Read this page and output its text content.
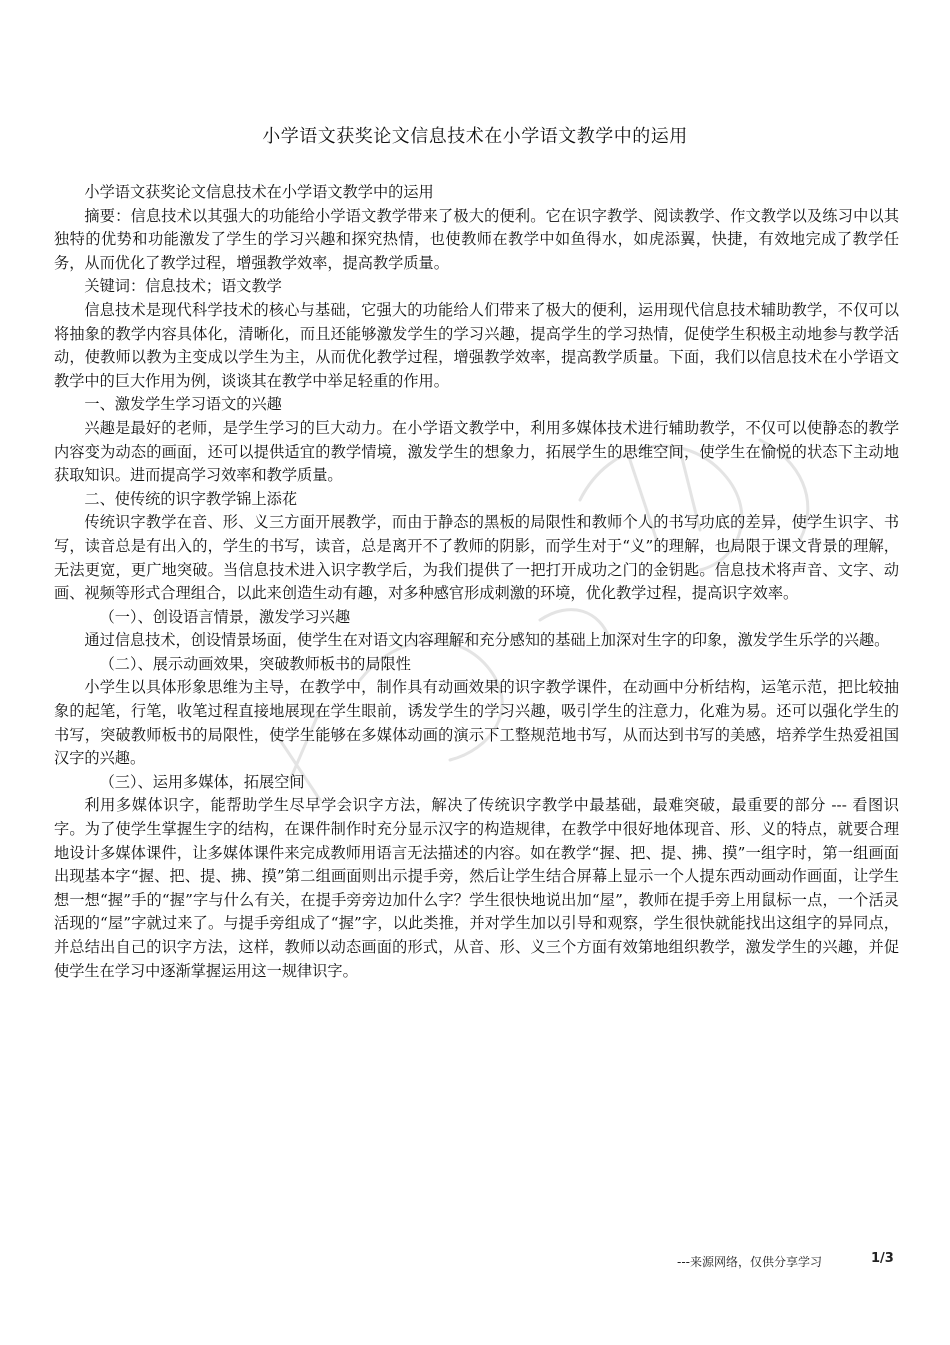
小学语文获奖论文信息技术在小学语文教学中的运用

小学语文获奖论文信息技术在小学语文教学中的运用

摘要：信息技术以其强大的功能给小学语文教学带来了极大的便利。它在识字教学、阅读教学、作文教学以及练习中以其独特的优势和功能激发了学生的学习兴趣和探究热情，也使教师在教学中如鱼得水，如虎添翼，快捷，有效地完成了教学任务，从而优化了教学过程，增强教学效率，提高教学质量。

关键词：信息技术；语文教学

信息技术是现代科学技术的核心与基础，它强大的功能给人们带来了极大的便利，运用现代信息技术辅助教学，不仅可以将抽象的教学内容具体化，清晰化，而且还能够激发学生的学习兴趣，提高学生的学习热情，促使学生积极主动地参与教学活动，使教师以教为主变成以学生为主，从而优化教学过程，增强教学效率，提高教学质量。下面，我们以信息技术在小学语文教学中的巨大作用为例，谈谈其在教学中举足轻重的作用。

一、激发学生学习语文的兴趣

兴趣是最好的老师，是学生学习的巨大动力。在小学语文教学中，利用多媒体技术进行辅助教学，不仅可以使静态的教学内容变为动态的画面，还可以提供适宜的教学情境，激发学生的想象力，拓展学生的思维空间，使学生在愉悦的状态下主动地获取知识。进而提高学习效率和教学质量。

二、使传统的识字教学锦上添花

传统识字教学在音、形、义三方面开展教学，而由于静态的黑板的局限性和教师个人的书写功底的差异，使学生识字、书写，读音总是有出入的，学生的书写，读音，总是离开不了教师的阴影，而学生对于“义”的理解，也局限于课文背景的理解，无法更宽，更广地突破。当信息技术进入识字教学后，为我们提供了一把打开成功之门的金钥匙。信息技术将声音、文字、动画、视频等形式合理组合，以此来创造生动有趣，对多种感官形成刺激的环境，优化教学过程，提高识字效率。

（一）、创设语言情景，激发学习兴趣

通过信息技术，创设情景场面，使学生在对语文内容理解和充分感知的基础上加深对生字的印象，激发学生乐学的兴趣。

（二）、展示动画效果，突破教师板书的局限性

小学生以具体形象思维为主导，在教学中，制作具有动画效果的识字教学课件，在动画中分析结构，运笔示范，把比较抽象的起笔，行笔，收笔过程直接地展现在学生眼前，诱发学生的学习兴趣，吸引学生的注意力，化难为易。还可以强化学生的书写，突破教师板书的局限性，使学生能够在多媒体动画的演示下工整规范地书写，从而达到书写的美感，培养学生热爱祖国汉字的兴趣。

（三）、运用多媒体，拓展空间

利用多媒体识字，能帮助学生尽早学会识字方法，解决了传统识字教学中最基础，最难突破，最重要的部分 --- 看图识字。为了使学生掌握生字的结构，在课件制作时充分显示汉字的构造规律，在教学中很好地体现音、形、义的特点，就要合理地设计多媒体课件，让多媒体课件来完成教师用语言无法描述的内容。如在教学“握、把、提、拂、摸”一组字时，第一组画面出现基本字“握、把、提、拂、摸”第二组画面则出示提手旁，然后让学生结合屏幕上显示一个人提东西动画动作画面，让学生想一想“握”手的“握”字与什么有关，在提手旁旁边加什么字？学生很快地说出加“屋”，教师在提手旁上用鼠标一点，一个活灵活现的“屋”字就过来了。与提手旁组成了“握”字，以此类推，并对学生加以引导和观察，学生很快就能找出这组字的异同点，并总结出自己的识字方法，这样，教师以动态画面的形式，从音、形、义三个方面有效第地组织教学，激发学生的兴趣，并促使学生在学习中逐渐掌握运用这一规律识字。

---来源网络，仅供分享学习	1/3
